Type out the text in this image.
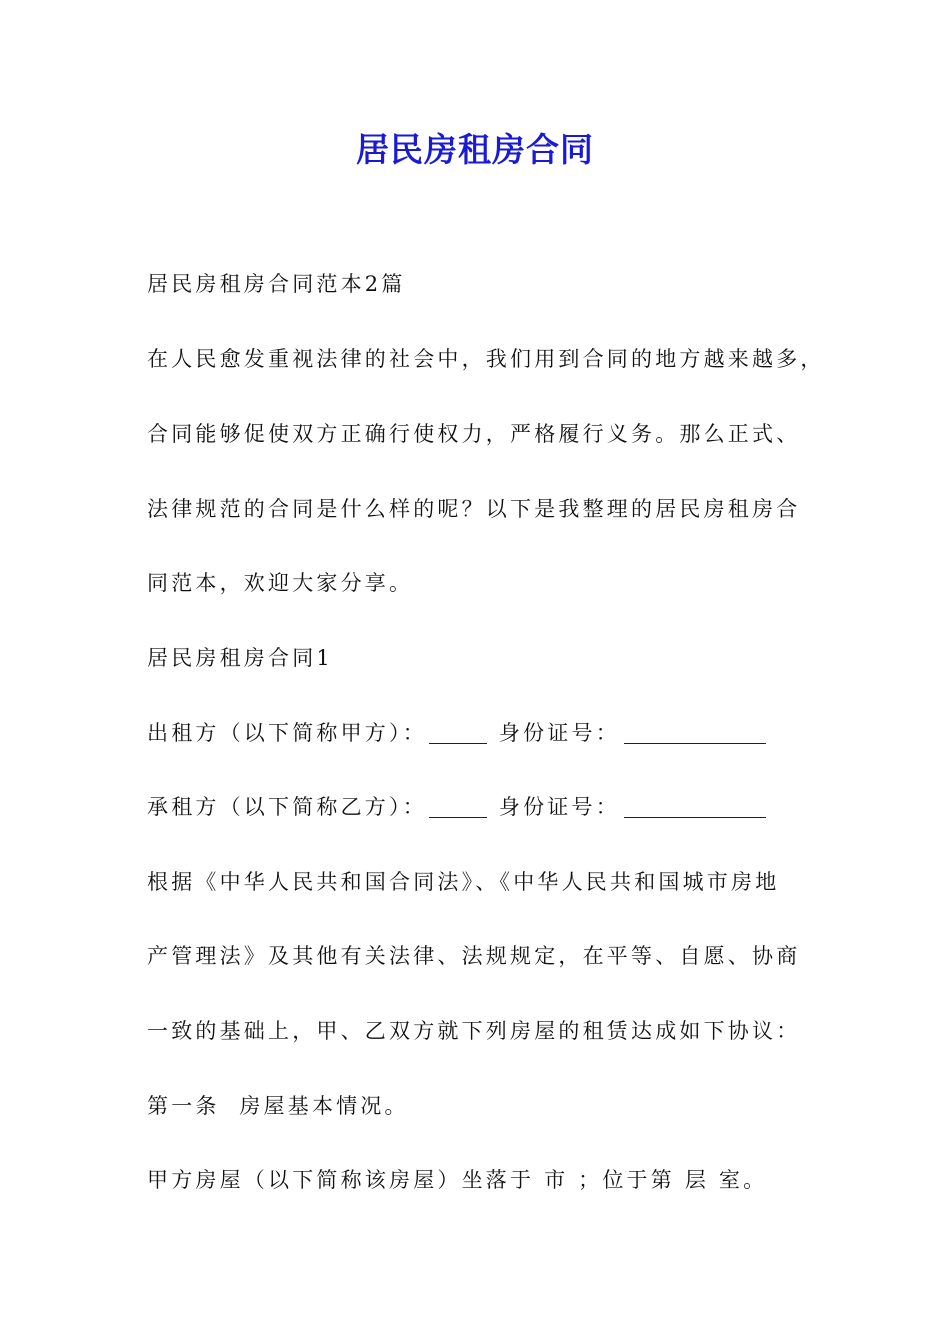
居民房租房合同
居民房租房合同范本2篇
在人民愈发重视法律的社会中，我们用到合同的地方越来越多，
合同能够促使双方正确行使权力，严格履行义务。那么正式、
法律规范的合同是什么样的呢？以下是我整理的居民房租房合
同范本，欢迎大家分享。
居民房租房合同1
出租方（以下简称甲方）：	身份证号：
承租方（以下简称乙方）：	身份证号：
根据《中华人民共和国合同法》、《中华人民共和国城市房地
产管理法》及其他有关法律、法规规定，在平等、自愿、协商
一致的基础上，甲、乙双方就下列房屋的租赁达成如下协议：
第一条  房屋基本情况。
甲方房屋（以下简称该房屋）坐落于 市 ；位于第 层 室。
